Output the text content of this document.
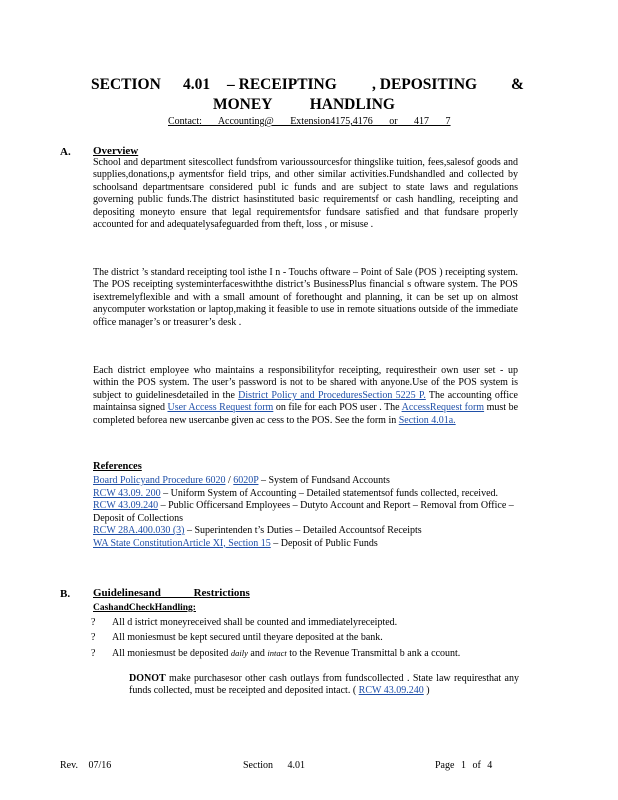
SECTION 4.01 – RECEIPTING , DEPOSITING &
MONEY HANDLING
Contact: Accounting@ Extension4175,4176 or 417 7
A. Overview
School and department sitescollect fundsfrom varioussourcesfor thingslike tuition, fees,salesof goods and supplies,donations,p aymentsfor field trips, and other similar activities.Fundshandled and collected by schoolsand departmentsare considered publ ic funds and are subject to state laws and regulations governing public funds.The district hasinstituted basic requirementsf or cash handling, receipting and depositing moneyto ensure that legal requirementsfor fundsare satisfied and that fundsare properly accounted for and adequatelysafeguarded from theft, loss , or misuse .
The district ’s standard receipting tool isthe I n - Touchs oftware – Point of Sale (POS ) receipting system. The POS receipting systeminterfaceswiththe district’s BusinessPlus financial s oftware system. The POS isextremelyflexible and with a small amount of forethought and planning, it can be set up on almost anycomputer workstation or laptop,making it feasible to use in remote situations outside of the immediate office manager’s or treasurer’s desk .
Each district employee who maintains a responsibilityfor receipting, requirestheir own user set - up within the POS system. The user’s password is not to be shared with anyone.Use of the POS system is subject to guidelinesdetailed in the District Policy and ProceduresSection 5225 P. The accounting office maintainsa signed User Access Request form on file for each POS user . The AccessRequest form must be completed beforea new usercanbe given ac cess to the POS. See the form in Section 4.01a.
References
Board Policyand Procedure 6020 / 6020P – System of Fundsand Accounts
RCW 43.09. 200 – Uniform System of Accounting – Detailed statementsof funds collected, received.
RCW 43.09.240 – Public Officersand Employees – Dutyto Account and Report – Removal from Office – Deposit of Collections
RCW 28A.400.030 (3) – Superintenden t’s Duties – Detailed Accountsof Receipts
WA State ConstitutionArticle XI, Section 15 – Deposit of Public Funds
B. Guidelinesand Restrictions
CashandCheckHandling:
? All d istrict moneyreceived shall be counted and immediatelyreceipted.
? All moniesmust be kept secured until theyare deposited at the bank.
? All moniesmust be deposited daily and intact to the Revenue Transmittal b ank a ccount.
DONOT make purchasesor other cash outlays from fundscollected . State law requiresthat any funds collected, must be receipted and deposited intact. ( RCW 43.09.240 )
Rev. 07/16	Section 4.01	Page 1 of 4
